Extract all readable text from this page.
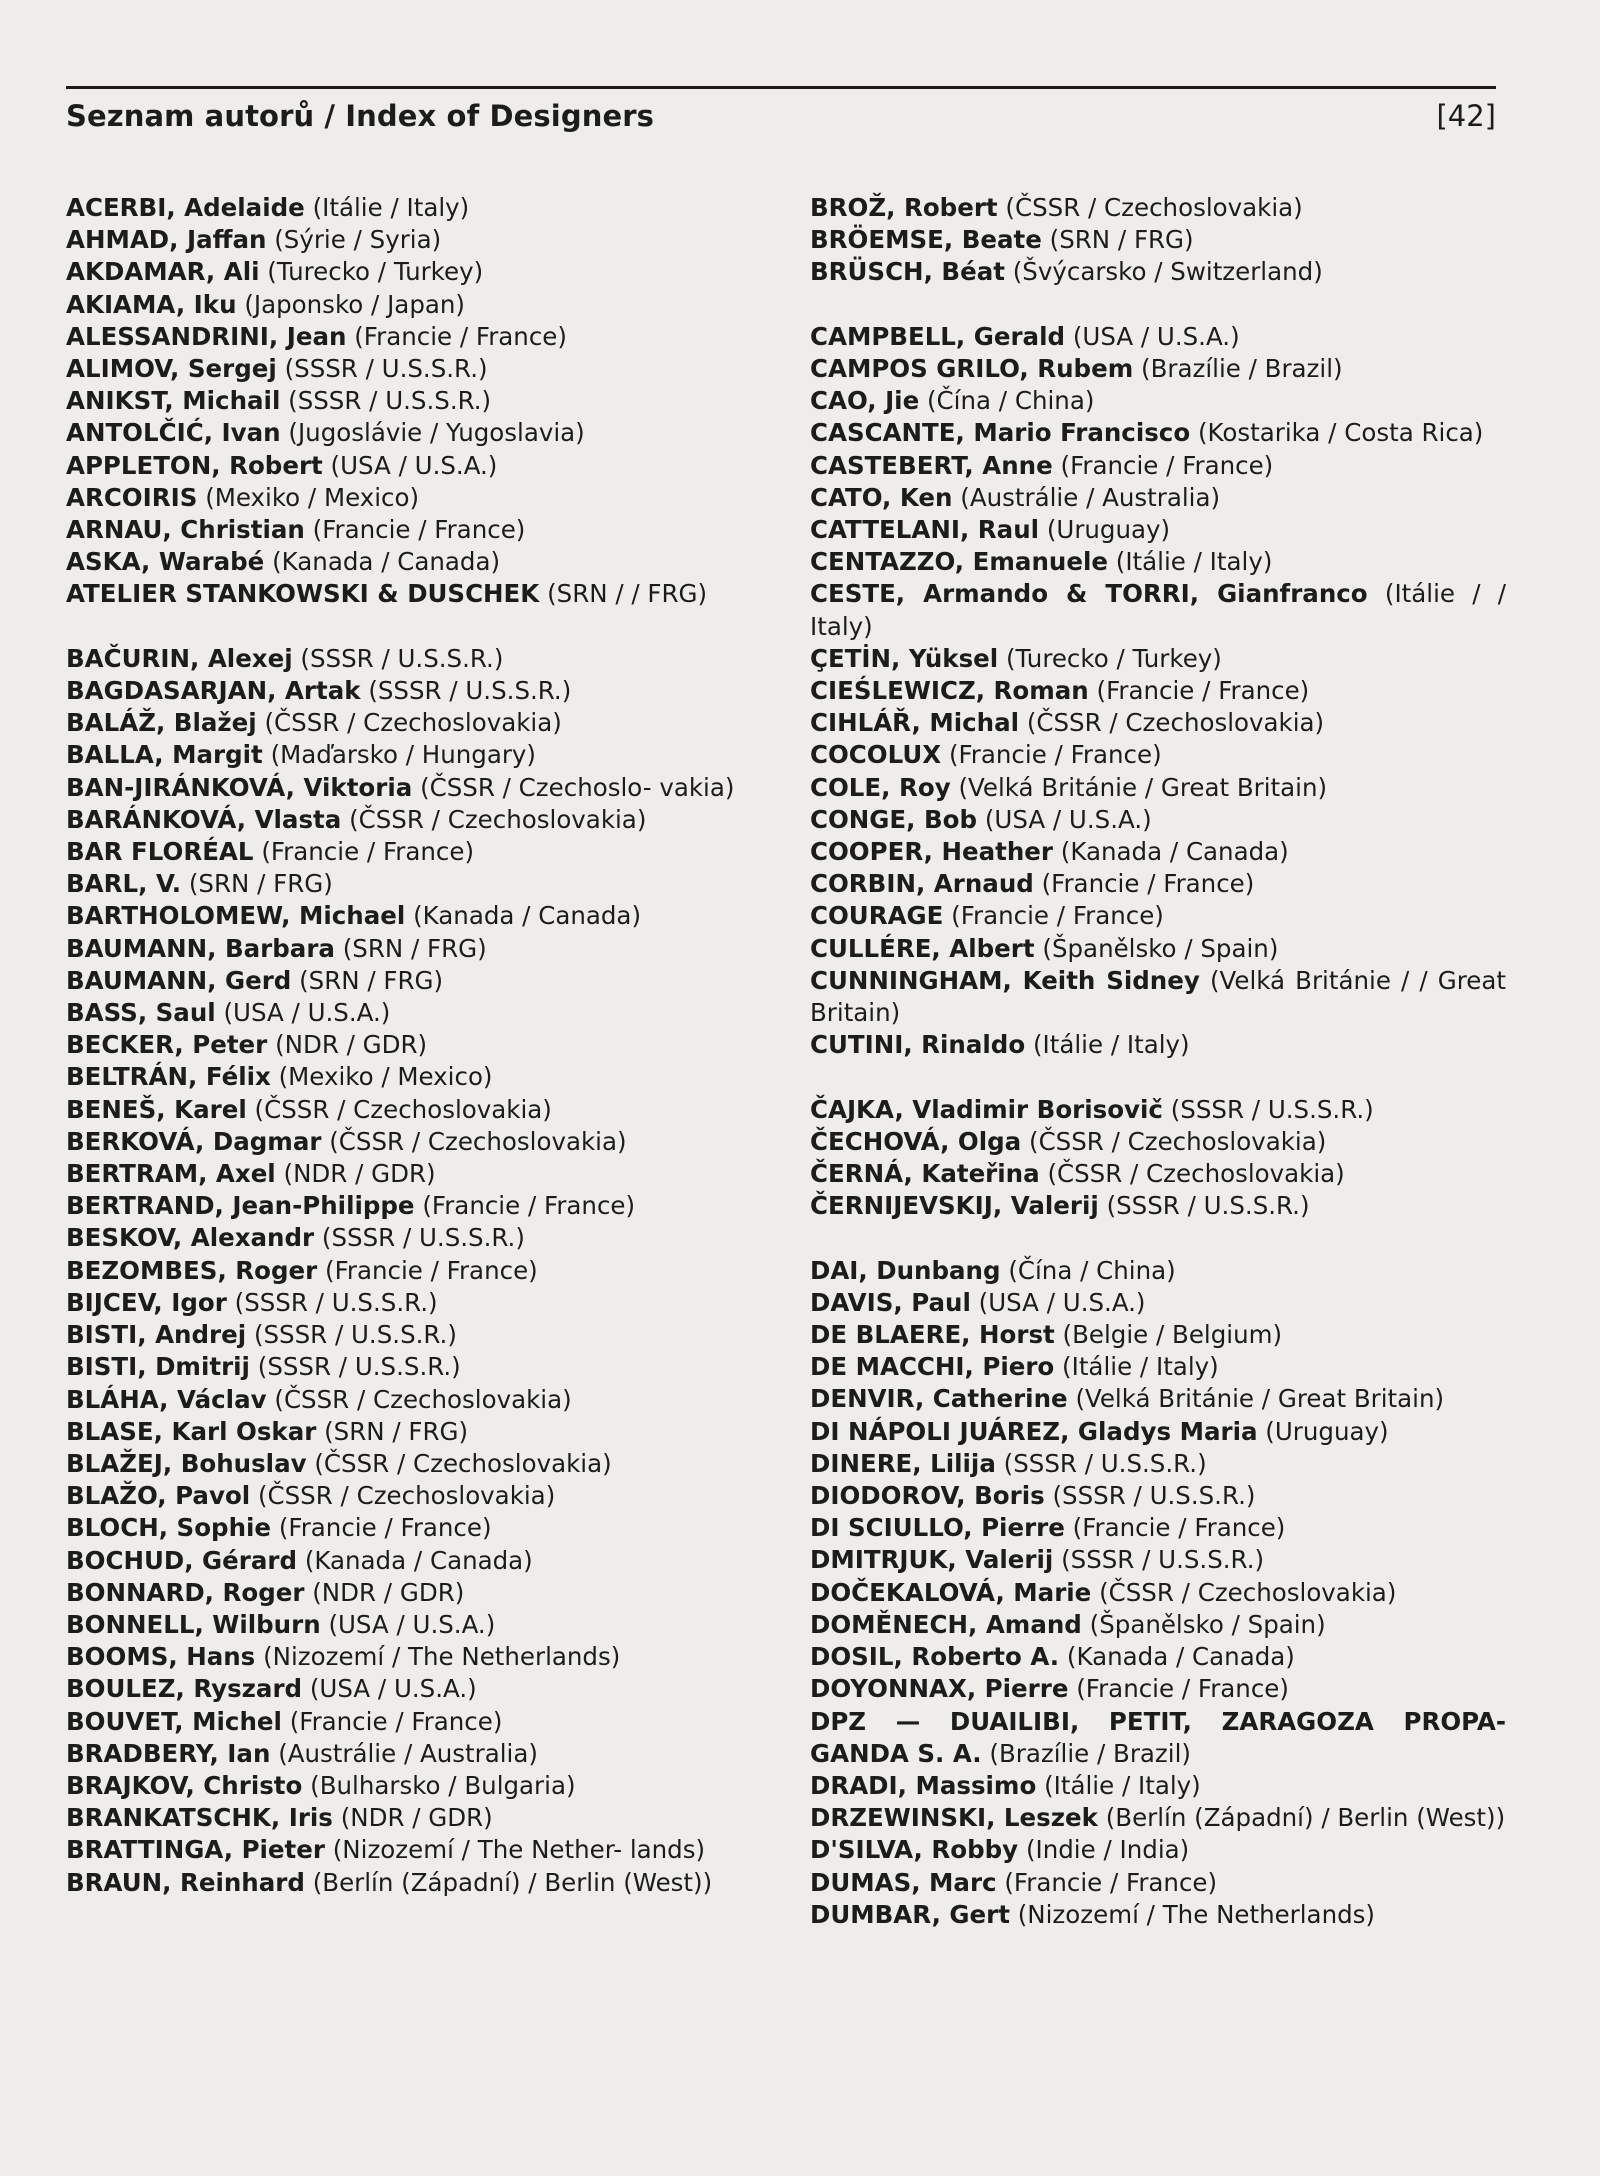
Seznam autorů / Index of Designers	[42]
ACERBI, Adelaide (Itálie / Italy)
AHMAD, Jaffan (Sýrie / Syria)
AKDAMAR, Ali (Turecko / Turkey)
AKIAMA, Iku (Japonsko / Japan)
ALESSANDRINI, Jean (Francie / France)
ALIMOV, Sergej (SSSR / U.S.S.R.)
ANIKST, Michail (SSSR / U.S.S.R.)
ANTOLČIĆ, Ivan (Jugoslávie / Yugoslavia)
APPLETON, Robert (USA / U.S.A.)
ARCOIRIS (Mexiko / Mexico)
ARNAU, Christian (Francie / France)
ASKA, Warabé (Kanada / Canada)
ATELIER STANKOWSKI & DUSCHEK (SRN / / FRG)
BAČURIN, Alexej (SSSR / U.S.S.R.)
BAGDASARJAN, Artak (SSSR / U.S.S.R.)
BALÁŽ, Blažej (ČSSR / Czechoslovakia)
BALLA, Margit (Maďarsko / Hungary)
BAN-JIRÁNKOVÁ, Viktoria (ČSSR / Czechoslo- vakia)
BARÁNKOVÁ, Vlasta (ČSSR / Czechoslovakia)
BAR FLORÉAL (Francie / France)
BARL, V. (SRN / FRG)
BARTHOLOMEW, Michael (Kanada / Canada)
BAUMANN, Barbara (SRN / FRG)
BAUMANN, Gerd (SRN / FRG)
BASS, Saul (USA / U.S.A.)
BECKER, Peter (NDR / GDR)
BELTRÁN, Félix (Mexiko / Mexico)
BENEŠ, Karel (ČSSR / Czechoslovakia)
BERKOVÁ, Dagmar (ČSSR / Czechoslovakia)
BERTRAM, Axel (NDR / GDR)
BERTRAND, Jean-Philippe (Francie / France)
BESKOV, Alexandr (SSSR / U.S.S.R.)
BEZOMBES, Roger (Francie / France)
BIJCEV, Igor (SSSR / U.S.S.R.)
BISTI, Andrej (SSSR / U.S.S.R.)
BISTI, Dmitrij (SSSR / U.S.S.R.)
BLÁHA, Václav (ČSSR / Czechoslovakia)
BLASE, Karl Oskar (SRN / FRG)
BLAŽEJ, Bohuslav (ČSSR / Czechoslovakia)
BLAŽO, Pavol (ČSSR / Czechoslovakia)
BLOCH, Sophie (Francie / France)
BOCHUD, Gérard (Kanada / Canada)
BONNARD, Roger (NDR / GDR)
BONNELL, Wilburn (USA / U.S.A.)
BOOMS, Hans (Nizozemí / The Netherlands)
BOULEZ, Ryszard (USA / U.S.A.)
BOUVET, Michel (Francie / France)
BRADBERY, Ian (Austrálie / Australia)
BRAJKOV, Christo (Bulharsko / Bulgaria)
BRANKATSCHK, Iris (NDR / GDR)
BRATTINGA, Pieter (Nizozemí / The Nether- lands)
BRAUN, Reinhard (Berlín (Západní) / Berlin (West))
BROŽ, Robert (ČSSR / Czechoslovakia)
BRÖEMSE, Beate (SRN / FRG)
BRÜSCH, Béat (Švýcarsko / Switzerland)
CAMPBELL, Gerald (USA / U.S.A.)
CAMPOS GRILO, Rubem (Brazílie / Brazil)
CAO, Jie (Čína / China)
CASCANTE, Mario Francisco (Kostarika / Costa Rica)
CASTEBERT, Anne (Francie / France)
CATO, Ken (Austrálie / Australia)
CATTELANI, Raul (Uruguay)
CENTAZZO, Emanuele (Itálie / Italy)
CESTE, Armando & TORRI, Gianfranco (Itálie / / Italy)
ÇETİN, Yüksel (Turecko / Turkey)
CIEŚLEWICZ, Roman (Francie / France)
CIHLÁŘ, Michal (ČSSR / Czechoslovakia)
COCOLUX (Francie / France)
COLE, Roy (Velká Británie / Great Britain)
CONGE, Bob (USA / U.S.A.)
COOPER, Heather (Kanada / Canada)
CORBIN, Arnaud (Francie / France)
COURAGE (Francie / France)
CULLÉRE, Albert (Španělsko / Spain)
CUNNINGHAM, Keith Sidney (Velká Británie / / Great Britain)
CUTINI, Rinaldo (Itálie / Italy)
ČAJKA, Vladimir Borisovič (SSSR / U.S.S.R.)
ČECHOVÁ, Olga (ČSSR / Czechoslovakia)
ČERNÁ, Kateřina (ČSSR / Czechoslovakia)
ČERNIJEVSKIJ, Valerij (SSSR / U.S.S.R.)
DAI, Dunbang (Čína / China)
DAVIS, Paul (USA / U.S.A.)
DE BLAERE, Horst (Belgie / Belgium)
DE MACCHI, Piero (Itálie / Italy)
DENVIR, Catherine (Velká Británie / Great Britain)
DI NÁPOLI JUÁREZ, Gladys Maria (Uruguay)
DINERE, Lilija (SSSR / U.S.S.R.)
DIODOROV, Boris (SSSR / U.S.S.R.)
DI SCIULLO, Pierre (Francie / France)
DMITRJUK, Valerij (SSSR / U.S.S.R.)
DOČEKALOVÁ, Marie (ČSSR / Czechoslovakia)
DOMĚNECH, Amand (Španělsko / Spain)
DOSIL, Roberto A. (Kanada / Canada)
DOYONNAX, Pierre (Francie / France)
DPZ — DUAILIBI, PETIT, ZARAGOZA PROPA- GANDA S. A. (Brazílie / Brazil)
DRADI, Massimo (Itálie / Italy)
DRZEWINSKI, Leszek (Berlín (Západní) / Berlin (West))
D'SILVA, Robby (Indie / India)
DUMAS, Marc (Francie / France)
DUMBAR, Gert (Nizozemí / The Netherlands)
